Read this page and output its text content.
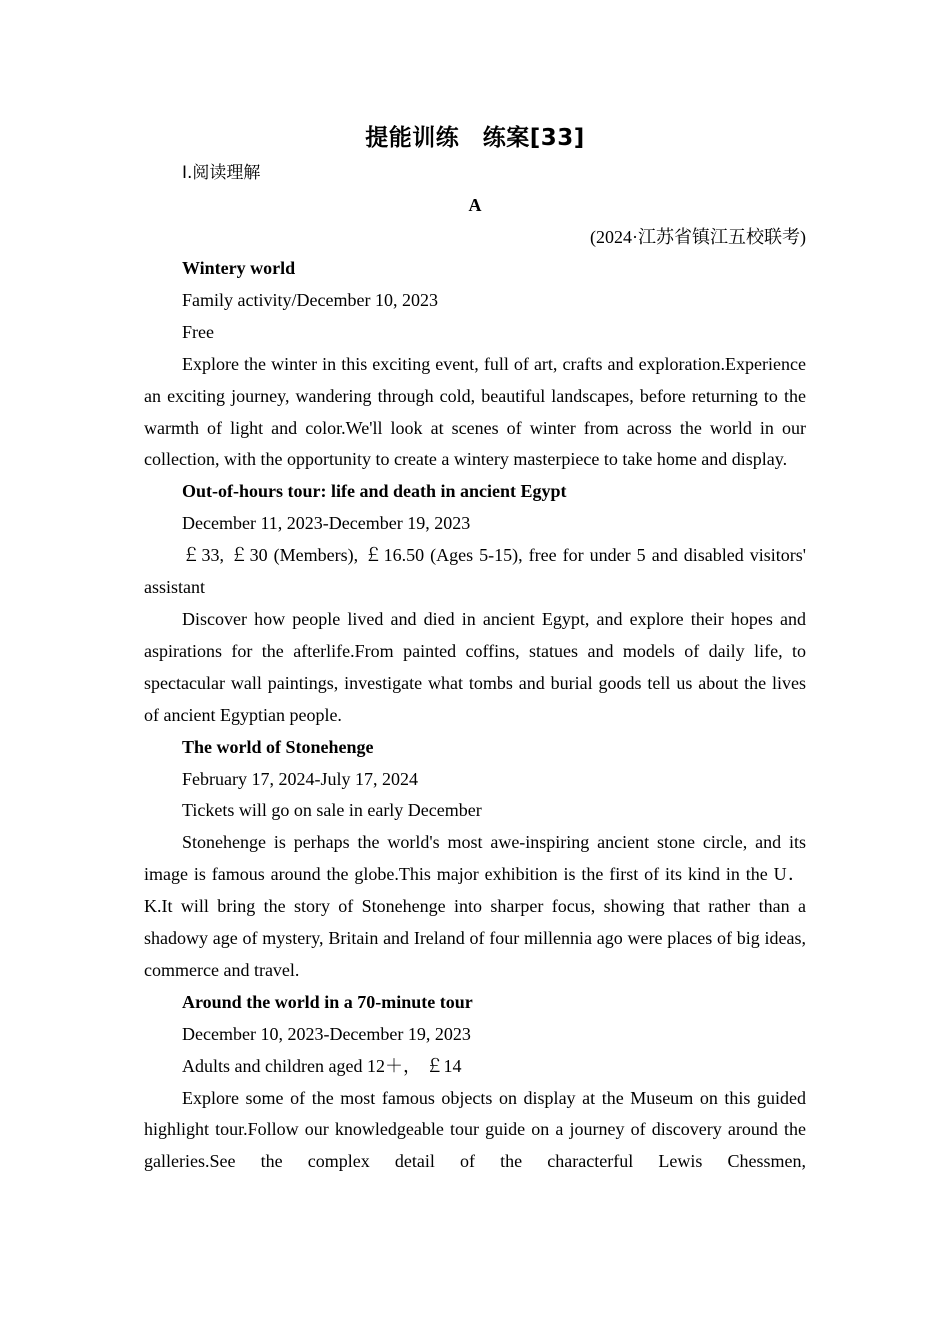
提能训练　练案[33]

Ⅰ.阅读理解

A

(2024·江苏省镇江五校联考)

Wintery world

Family activity/December 10, 2023

Free

Explore the winter in this exciting event, full of art, crafts and exploration.Experience an exciting journey, wandering through cold, beautiful landscapes, before returning to the warmth of light and color.We'll look at scenes of winter from across the world in our collection, with the opportunity to create a wintery masterpiece to take home and display.

Out-of-hours tour: life and death in ancient Egypt

December 11, 2023-December 19, 2023

￡33, ￡30 (Members), ￡16.50 (Ages 5-15), free for under 5 and disabled visitors' assistant

Discover how people lived and died in ancient Egypt, and explore their hopes and aspirations for the afterlife.From painted coffins, statues and models of daily life, to spectacular wall paintings, investigate what tombs and burial goods tell us about the lives of ancient Egyptian people.

The world of Stonehenge

February 17, 2024-July 17, 2024

Tickets will go on sale in early December

Stonehenge is perhaps the world's most awe-inspiring ancient stone circle, and its image is famous around the globe.This major exhibition is the first of its kind in the U．K.It will bring the story of Stonehenge into sharper focus, showing that rather than a shadowy age of mystery, Britain and Ireland of four millennia ago were places of big ideas, commerce and travel.

Around the world in a 70-minute tour

December 10, 2023-December 19, 2023

Adults and children aged 12＋， ￡14

Explore some of the most famous objects on display at the Museum on this guided highlight tour.Follow our knowledgeable tour guide on a journey of discovery around the galleries.See the complex detail of the characterful Lewis Chessmen,
